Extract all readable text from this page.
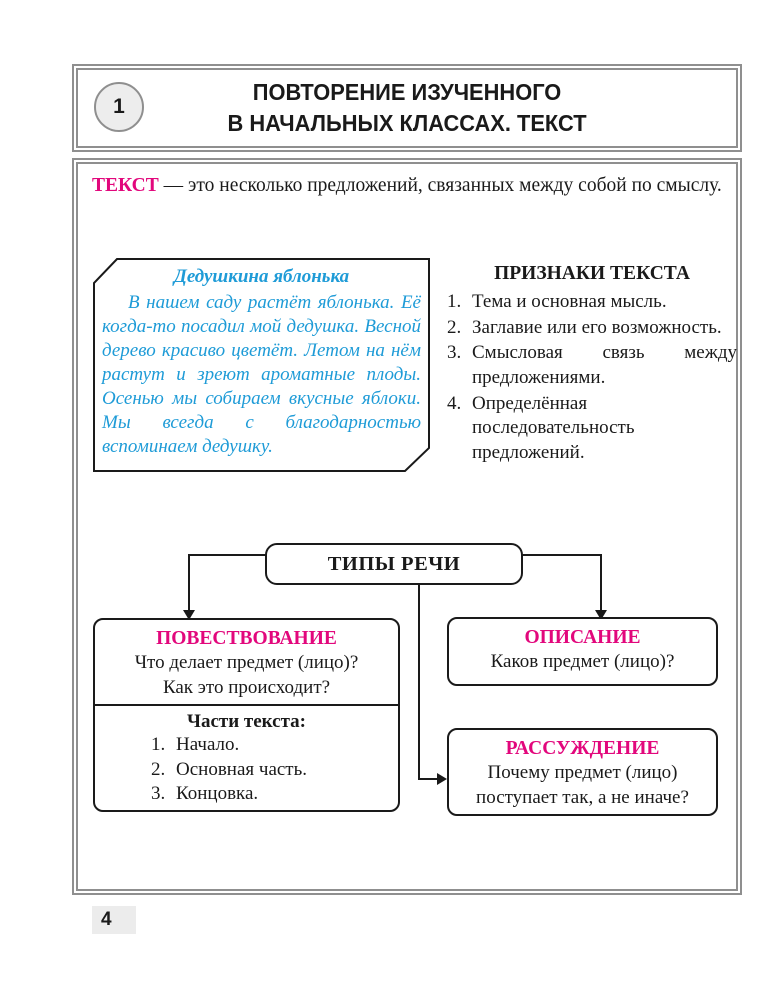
1
ПОВТОРЕНИЕ ИЗУЧЕННОГО
В НАЧАЛЬНЫХ КЛАССАХ. ТЕКСТ

ТЕКСТ — это несколько предложений, связанных между собой по смыслу.

Дедушкина яблонька
В нашем саду растёт яблонька. Её когда-то посадил мой дедушка. Весной дерево красиво цветёт. Летом на нём растут и зреют ароматные плоды. Осенью мы собираем вкусные яблоки. Мы всегда с благодарностью вспоминаем дедушку.
ПРИЗНАКИ ТЕКСТА
1. Тема и основная мысль.
2. Заглавие или его возможность.
3. Смысловая связь между предложениями.
4. Определённая последовательность предложений.
ТИПЫ РЕЧИ
ПОВЕСТВОВАНИЕ
Что делает предмет (лицо)?
Как это происходит?
Части текста:
1. Начало.
2. Основная часть.
3. Концовка.
ОПИСАНИЕ
Каков предмет (лицо)?
РАССУЖДЕНИЕ
Почему предмет (лицо) поступает так, а не иначе?
4
